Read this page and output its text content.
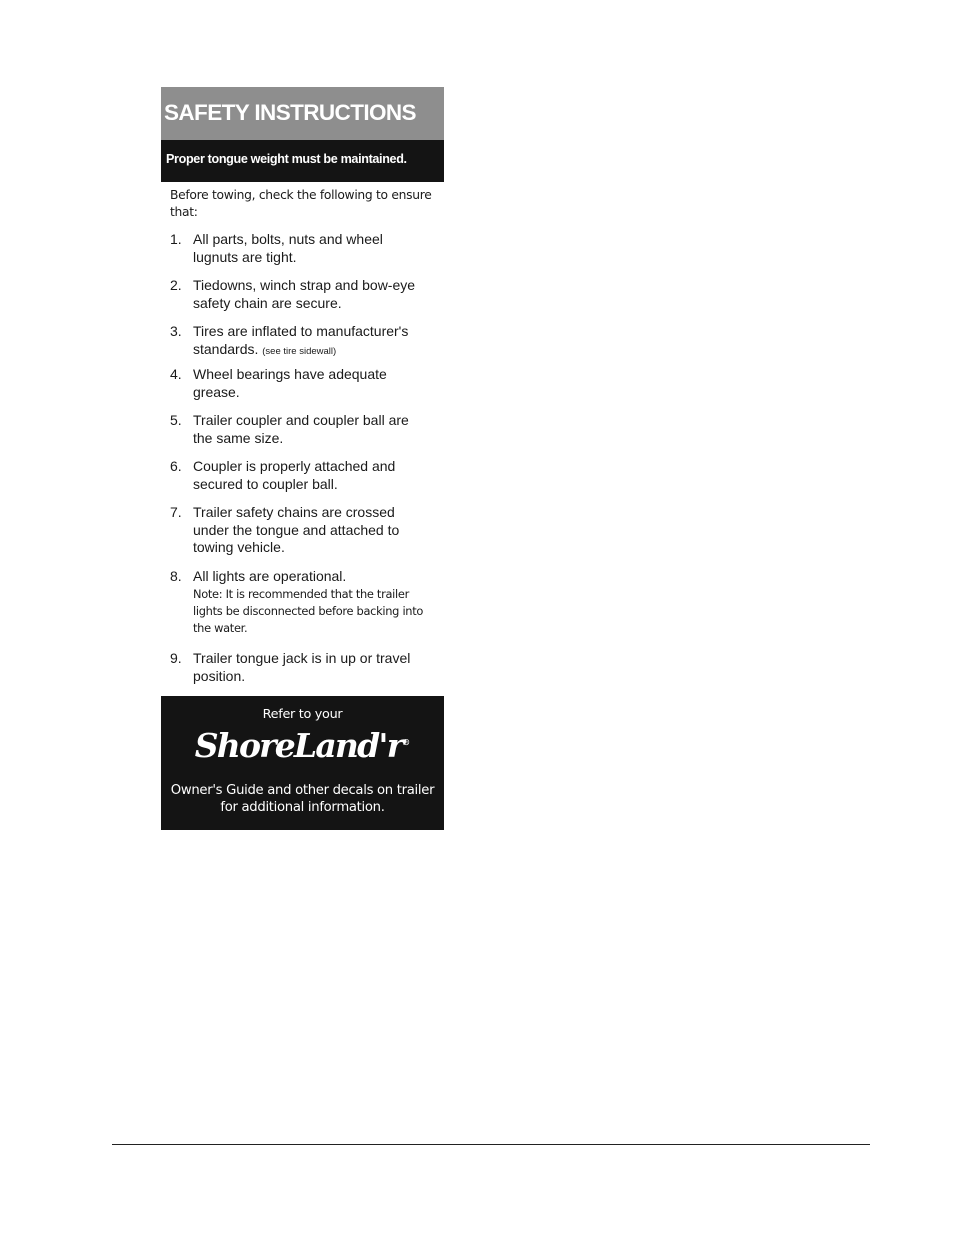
SAFETY INSTRUCTIONS
Proper tongue weight must be maintained.
Before towing, check the following to ensure that:
1. All parts, bolts, nuts and wheel lugnuts are tight.
2. Tiedowns, winch strap and bow-eye safety chain are secure.
3. Tires are inflated to manufacturer's standards. (see tire sidewall)
4. Wheel bearings have adequate grease.
5. Trailer coupler and coupler ball are the same size.
6. Coupler is properly attached and secured to coupler ball.
7. Trailer safety chains are crossed under the tongue and attached to towing vehicle.
8. All lights are operational.
Note: It is recommended that the trailer lights be disconnected before backing into the water.
9. Trailer tongue jack is in up or travel position.
Refer to your
ShoreLand'r®
Owner's Guide and other decals on trailer for additional information.
